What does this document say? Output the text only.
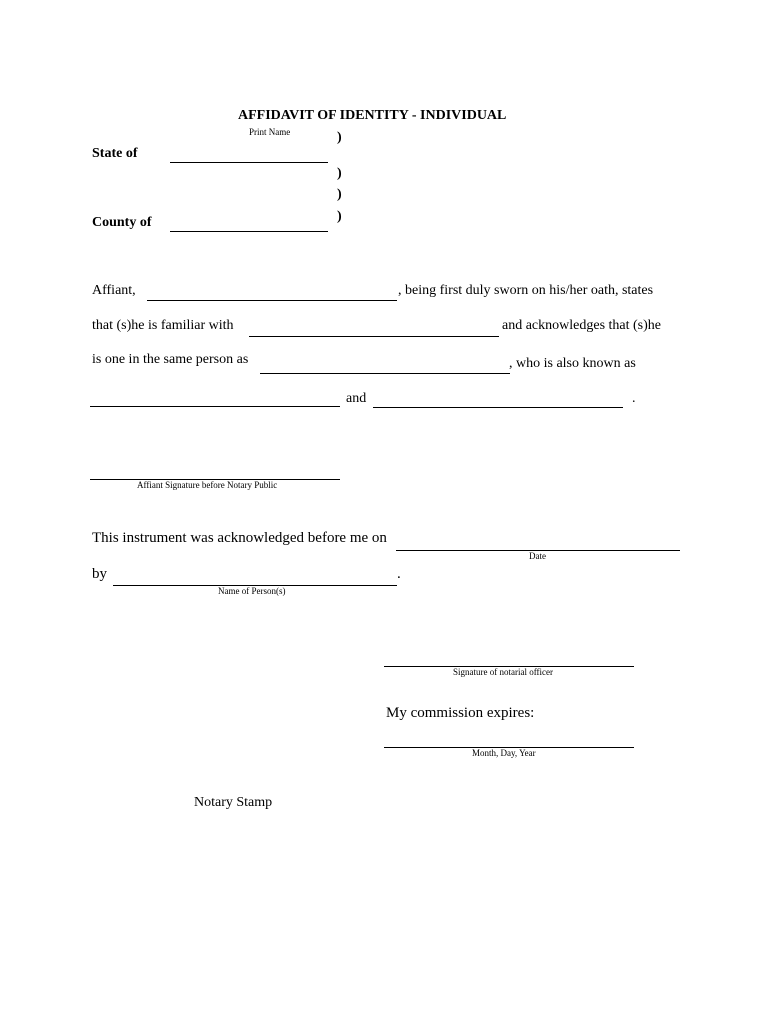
AFFIDAVIT OF IDENTITY - INDIVIDUAL
Print Name	)
State of
)
)
)
County of
Affiant,	, being first duly sworn on his/her oath, states
that (s)he is familiar with	and acknowledges that (s)he
is one in the same person as	, who is also known as
and	.
Affiant Signature before Notary Public
This instrument was acknowledged before me on
Date
by	.
Name of Person(s)
Signature of notarial officer
My commission expires:
Month, Day, Year
Notary Stamp
